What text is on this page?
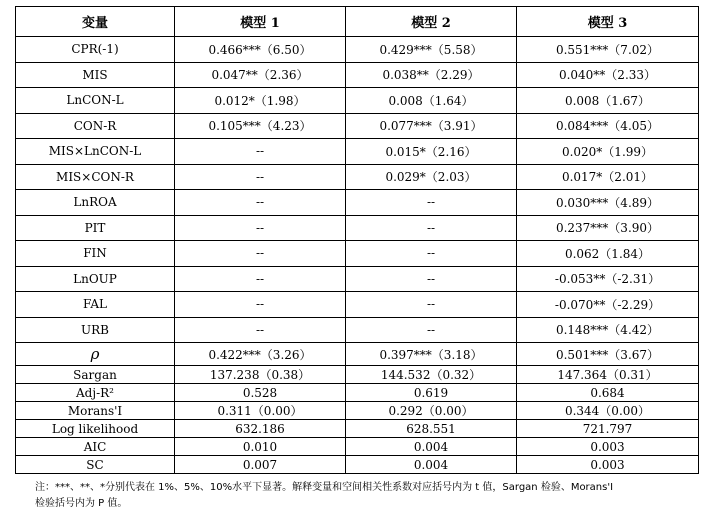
变量	模型 1	模型 2	模型 3
CPR(-1)	0.466***（6.50）	0.429***（5.58）	0.551***（7.02）
MIS	0.047**（2.36）	0.038**（2.29）	0.040**（2.33）
LnCON-L	0.012*（1.98）	0.008（1.64）	0.008（1.67）
CON-R	0.105***（4.23）	0.077***（3.91）	0.084***（4.05）
MIS×LnCON-L	--	0.015*（2.16）	0.020*（1.99）
MIS×CON-R	--	0.029*（2.03）	0.017*（2.01）
LnROA	--	--	0.030***（4.89）
PIT	--	--	0.237***（3.90）
FIN	--	--	0.062（1.84）
LnOUP	--	--	-0.053**（-2.31）
FAL	--	--	-0.070**（-2.29）
URB	--	--	0.148***（4.42）
ρ	0.422***（3.26）	0.397***（3.18）	0.501***（3.67）
Sargan	137.238（0.38）	144.532（0.32）	147.364（0.31）
Adj-R²	0.528	0.619	0.684
Morans'I	0.311（0.00）	0.292（0.00）	0.344（0.00）
Log likelihood	632.186	628.551	721.797
AIC	0.010	0.004	0.003
SC	0.007	0.004	0.003
注：***、**、*分别代表在 1%、5%、10%水平下显著。解释变量和空间相关性系数对应括号内为 t 值，Sargan 检验、Morans'I
检验括号内为 P 值。
